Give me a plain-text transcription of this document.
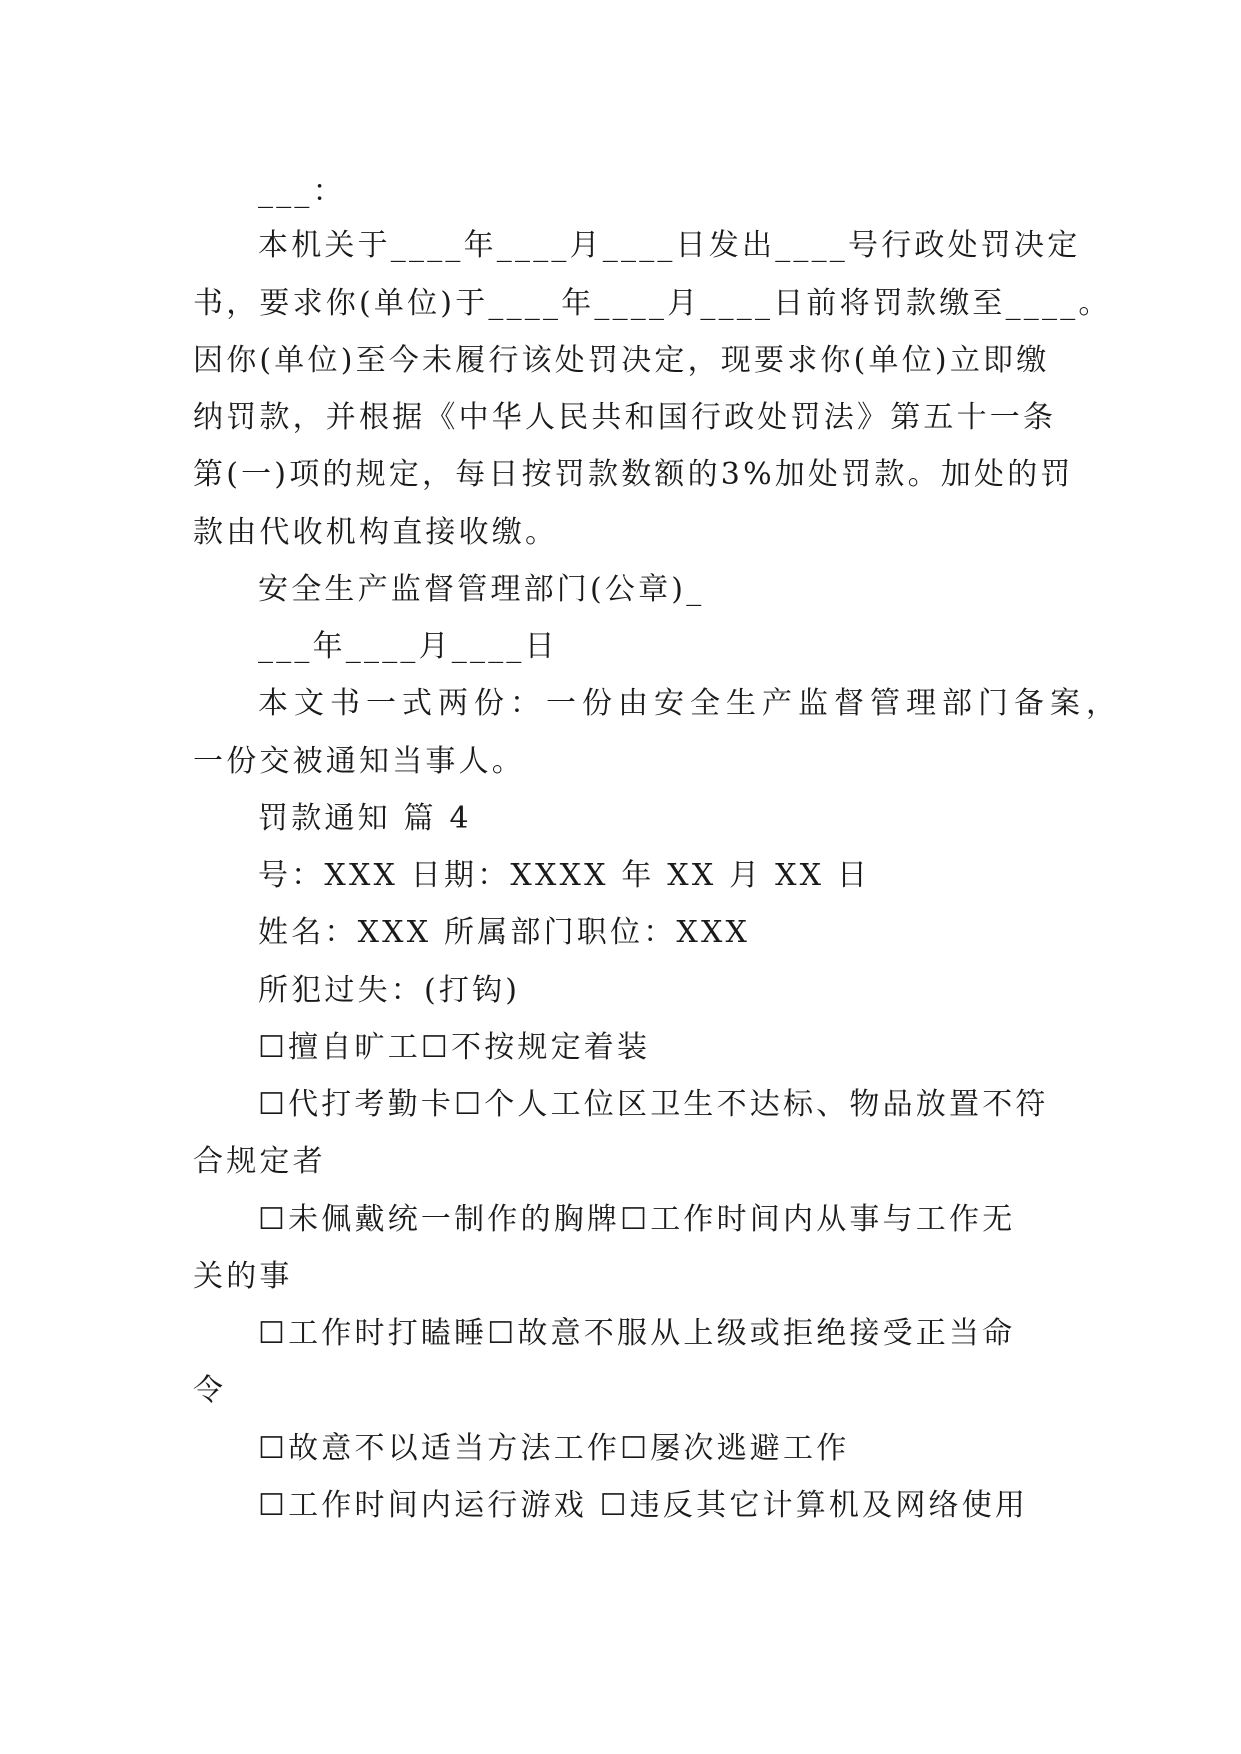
___：
本机关于____年____月____日发出____号行政处罚决定
书，要求你(单位)于____年____月____日前将罚款缴至____。
因你(单位)至今未履行该处罚决定，现要求你(单位)立即缴
纳罚款，并根据《中华人民共和国行政处罚法》第五十一条
第(一)项的规定，每日按罚款数额的3%加处罚款。加处的罚
款由代收机构直接收缴。
安全生产监督管理部门(公章)_
___年____月____日
本文书一式两份：一份由安全生产监督管理部门备案，
一份交被通知当事人。
罚款通知 篇 4
号：XXX 日期：XXXX 年 XX 月 XX 日
姓名：XXX 所属部门职位：XXX
所犯过失：(打钩)
☐擅自旷工☐不按规定着装
☐代打考勤卡☐个人工位区卫生不达标、物品放置不符
合规定者
☐未佩戴统一制作的胸牌☐工作时间内从事与工作无
关的事
☐工作时打瞌睡☐故意不服从上级或拒绝接受正当命
令
☐故意不以适当方法工作☐屡次逃避工作
☐工作时间内运行游戏 ☐违反其它计算机及网络使用
